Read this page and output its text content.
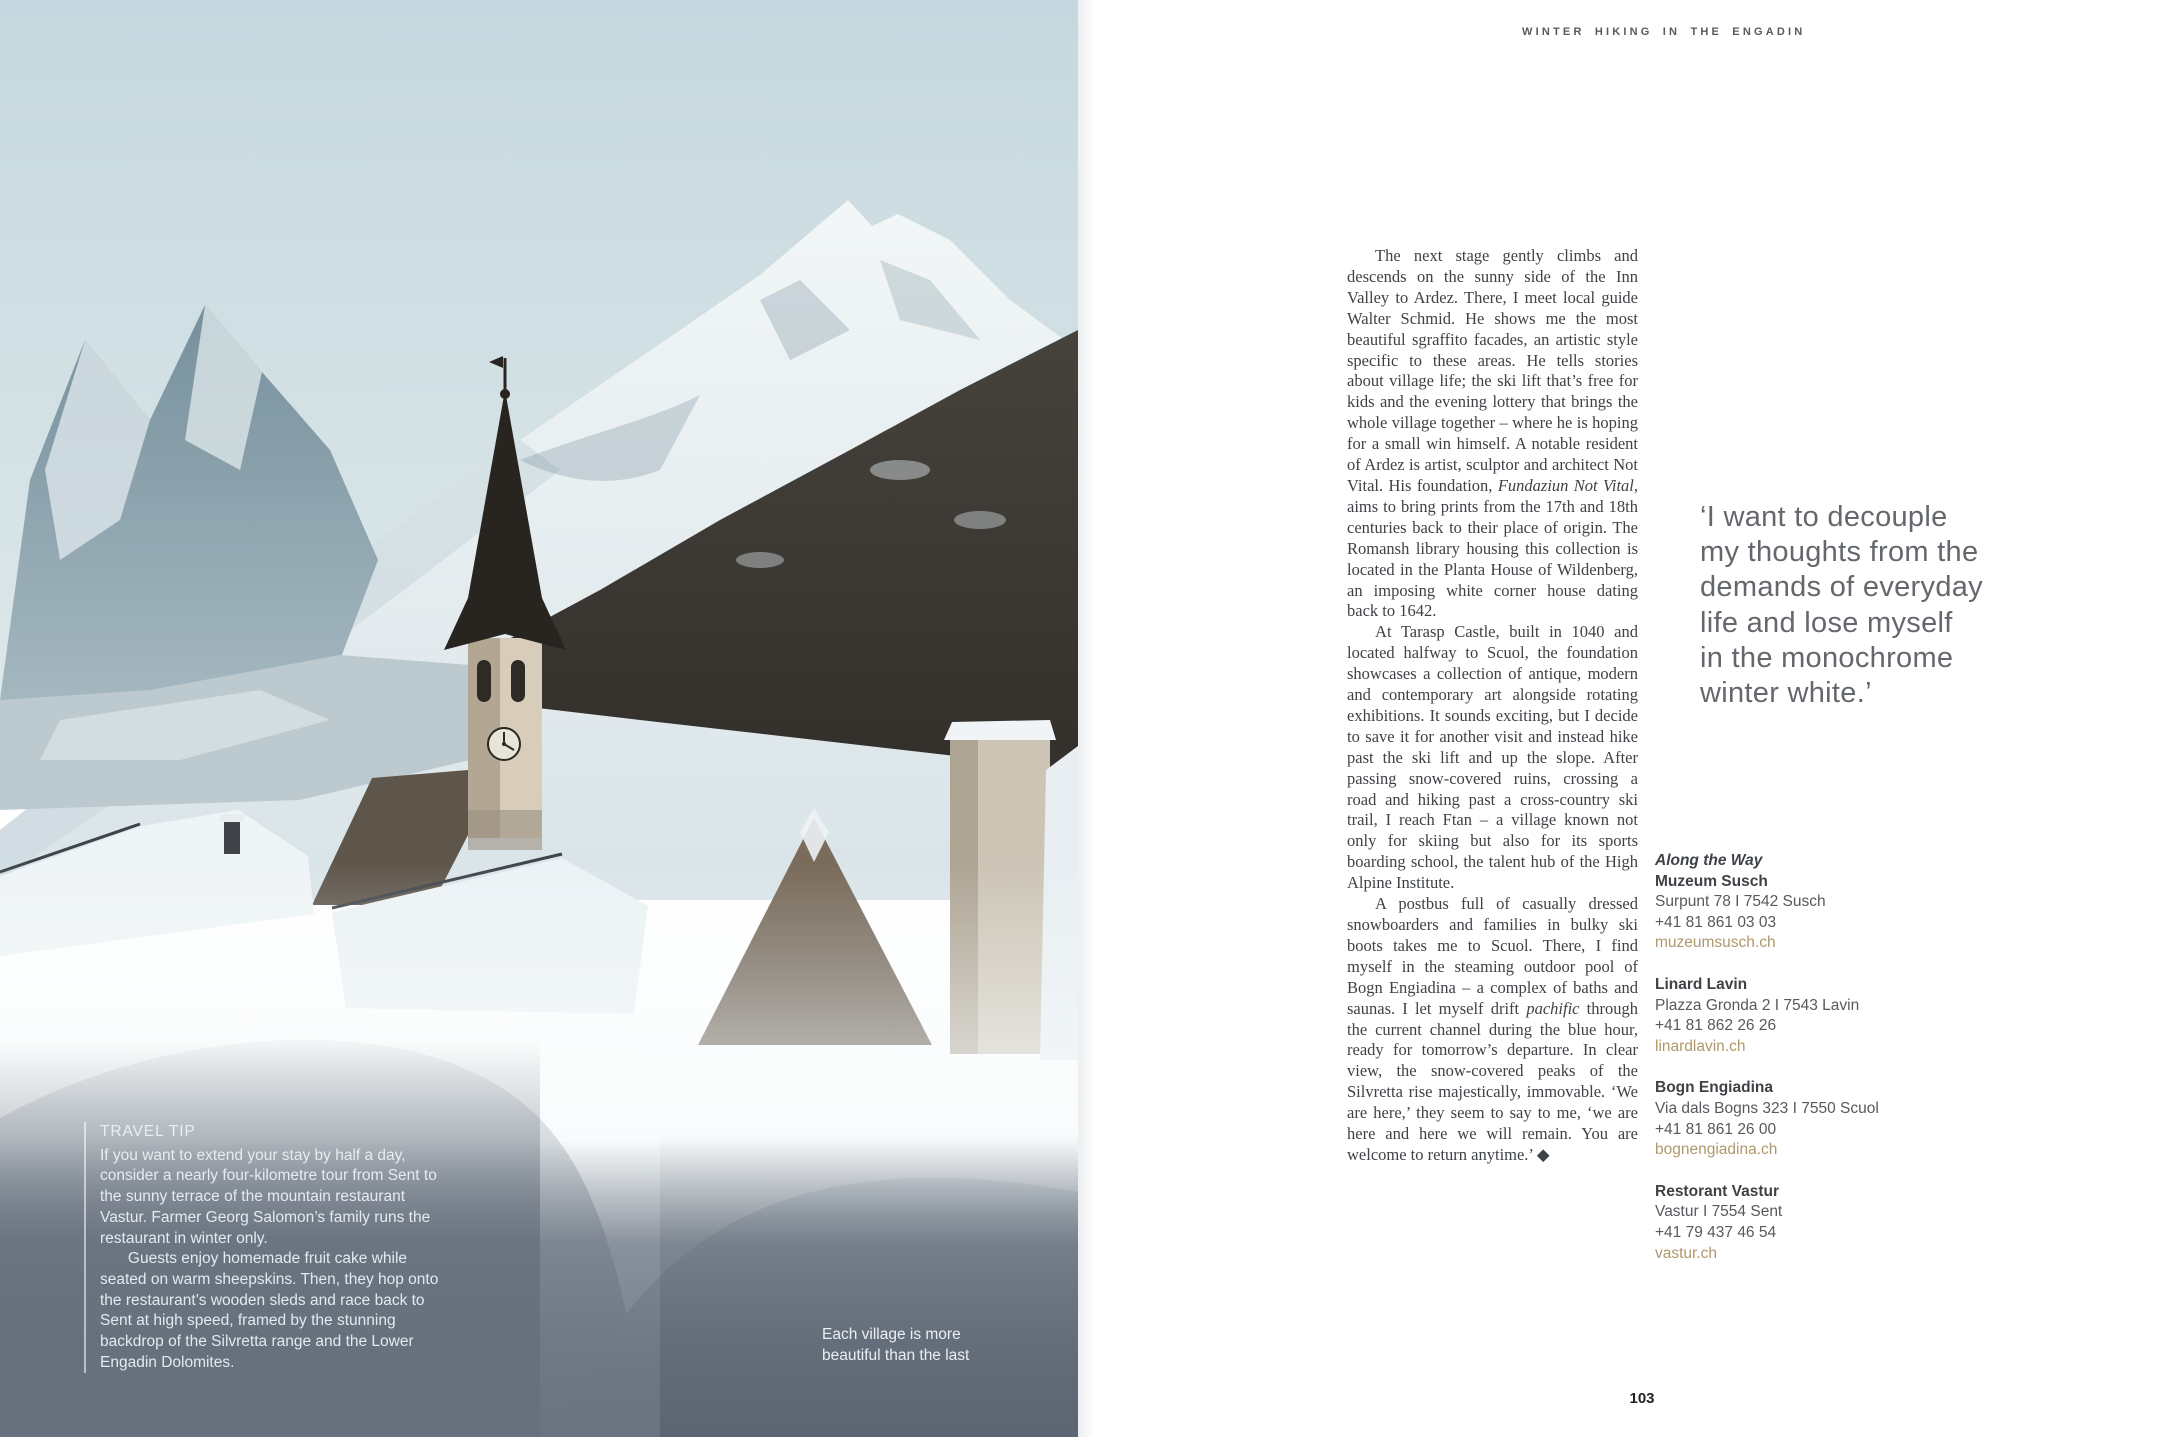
TRAVEL TIP

If you want to extend your stay by half a day, consider a nearly four-kilometre tour from Sent to the sunny terrace of the mountain restaurant Vastur. Farmer Georg Salomon’s family runs the restaurant in winter only.

Guests enjoy homemade fruit cake while seated on warm sheepskins. Then, they hop onto the restaurant’s wooden sleds and race back to Sent at high speed, framed by the stunning backdrop of the Silvretta range and the Lower Engadin Dolomites.

Each village is more beautiful than the last
WINTER HIKING IN THE ENGADIN

The next stage gently climbs and descends on the sunny side of the Inn Valley to Ardez. There, I meet local guide Walter Schmid. He shows me the most beautiful sgraffito facades, an artistic style specific to these areas. He tells stories about village life; the ski lift that’s free for kids and the evening lottery that brings the whole village together – where he is hoping for a small win himself. A notable resident of Ardez is artist, sculptor and architect Not Vital. His foundation, Fundaziun Not Vital, aims to bring prints from the 17th and 18th centuries back to their place of origin. The Romansh library housing this collection is located in the Planta House of Wildenberg, an imposing white corner house dating back to 1642.

At Tarasp Castle, built in 1040 and located halfway to Scuol, the foundation showcases a collection of antique, modern and contemporary art alongside rotating exhibitions. It sounds exciting, but I decide to save it for another visit and instead hike past the ski lift and up the slope. After passing snow-covered ruins, crossing a road and hiking past a cross-country ski trail, I reach Ftan – a village known not only for skiing but also for its sports boarding school, the talent hub of the High Alpine Institute.

A postbus full of casually dressed snowboarders and families in bulky ski boots takes me to Scuol. There, I find myself in the steaming outdoor pool of Bogn Engiadina – a complex of baths and saunas. I let myself drift pachific through the current channel during the blue hour, ready for tomorrow’s departure. In clear view, the snow-covered peaks of the Silvretta rise majestically, immovable. ‘We are here,’ they seem to say to me, ‘we are here and here we will remain. You are welcome to return anytime.’ ◆

‘I want to decouple
my thoughts from the
demands of everyday
life and lose myself
in the monochrome
winter white.’
Along the Way
Muzeum Susch
Surpunt 78 I 7542 Susch
+41 81 861 03 03
muzeumsusch.ch
Linard Lavin
Plazza Gronda 2 I 7543 Lavin
+41 81 862 26 26
linardlavin.ch
Bogn Engiadina
Via dals Bogns 323 I 7550 Scuol
+41 81 861 26 00
bognengiadina.ch
Restorant Vastur
Vastur I 7554 Sent
+41 79 437 46 54
vastur.ch
103
